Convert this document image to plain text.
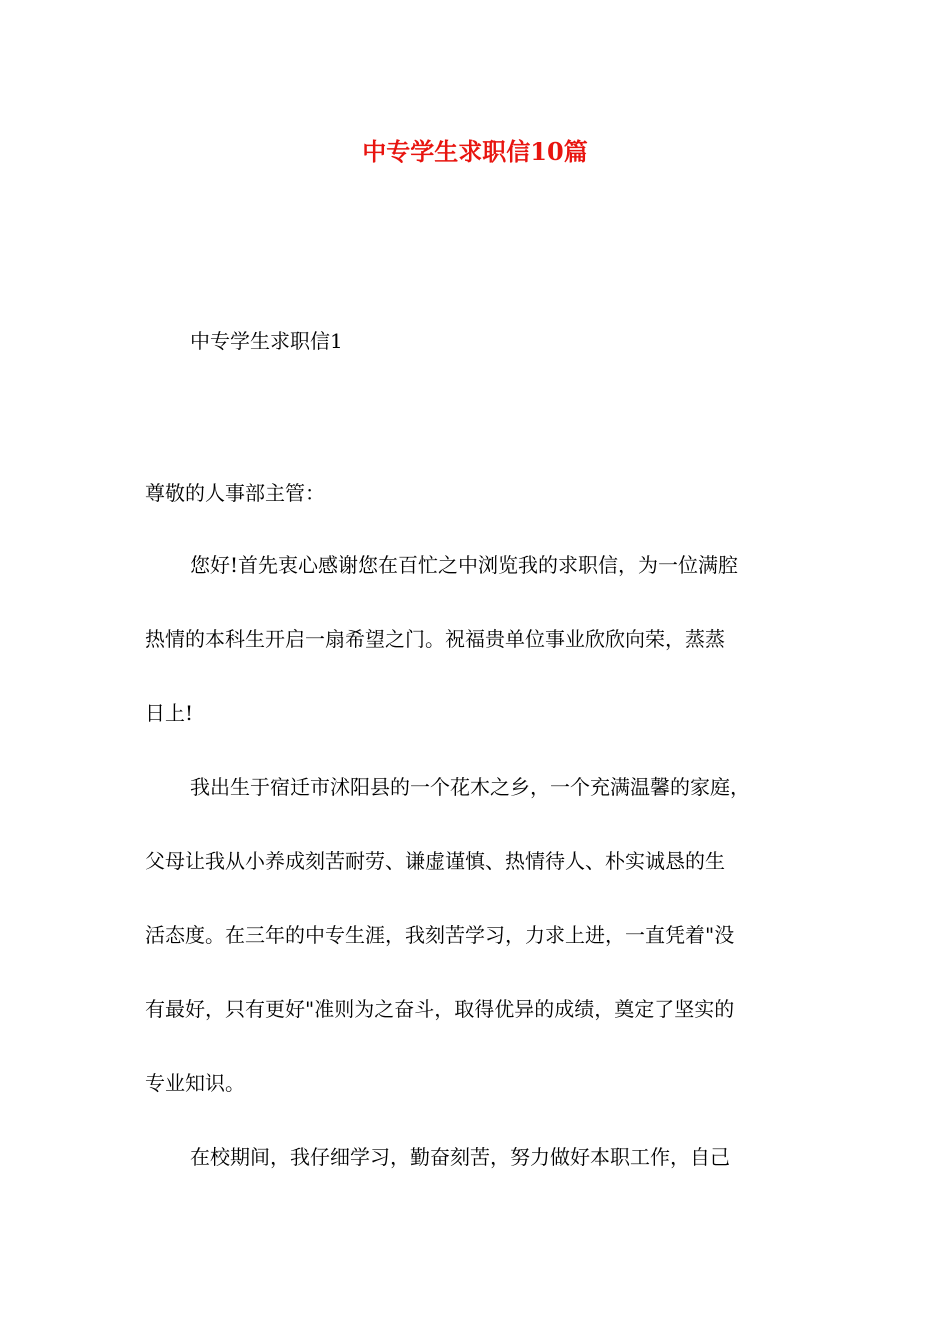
中专学生求职信10篇
中专学生求职信1
尊敬的人事部主管：
您好!首先衷心感谢您在百忙之中浏览我的求职信，为一位满腔
热情的本科生开启一扇希望之门。祝福贵单位事业欣欣向荣，蒸蒸
日上!
我出生于宿迁市沭阳县的一个花木之乡，一个充满温馨的家庭，
父母让我从小养成刻苦耐劳、谦虚谨慎、热情待人、朴实诚恳的生
活态度。在三年的中专生涯，我刻苦学习，力求上进，一直凭着"没
有最好，只有更好"准则为之奋斗，取得优异的成绩，奠定了坚实的
专业知识。
在校期间，我仔细学习，勤奋刻苦，努力做好本职工作，自己
